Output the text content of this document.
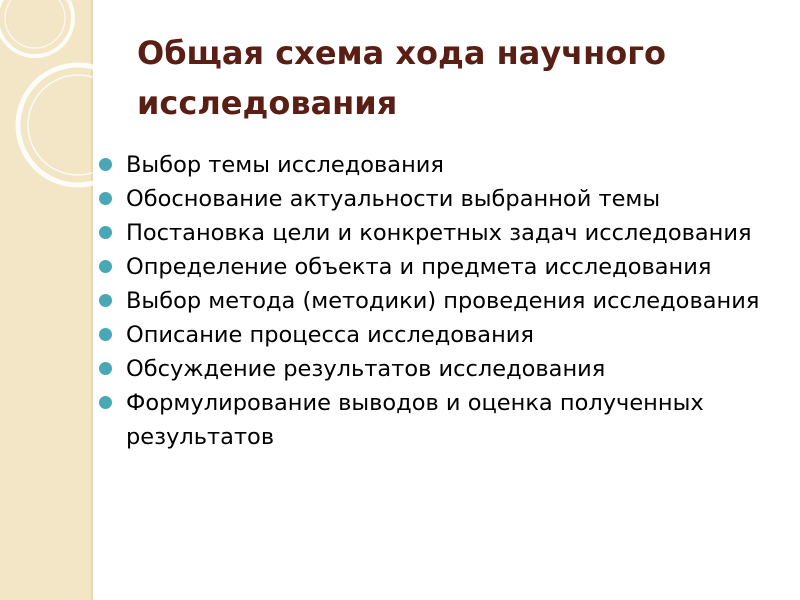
Общая схема хода научного исследования
Выбор темы исследования
Обоснование актуальности выбранной темы
Постановка цели и конкретных задач исследования
Определение объекта и предмета исследования
Выбор метода (методики) проведения исследования
Описание процесса исследования
Обсуждение результатов исследования
Формулирование выводов и оценка полученных результатов
